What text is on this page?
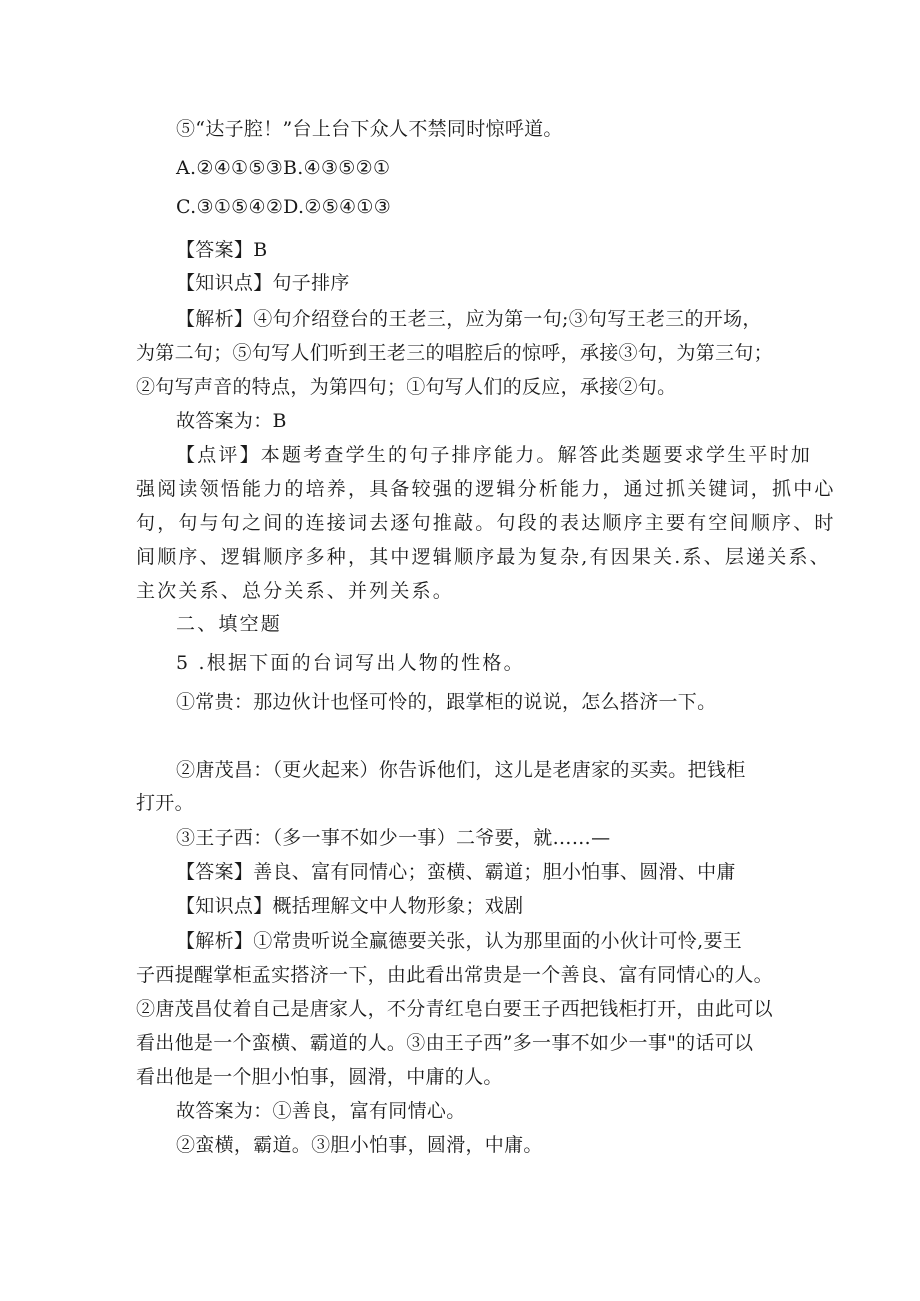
⑤“达子腔！”台上台下众人不禁同时惊呼道。
A.②④①⑤③B.④③⑤②①
C.③①⑤④②D.②⑤④①③
【答案】B
【知识点】句子排序
【解析】④句介绍登台的王老三，应为第一句;③句写王老三的开场，
为第二句；⑤句写人们听到王老三的唱腔后的惊呼，承接③句，为第三句；
②句写声音的特点，为第四句；①句写人们的反应，承接②句。
故答案为：B
【点评】本题考查学生的句子排序能力。解答此类题要求学生平时加
强阅读领悟能力的培养，具备较强的逻辑分析能力，通过抓关键词，抓中心
句，句与句之间的连接词去逐句推敲。句段的表达顺序主要有空间顺序、时
间顺序、逻辑顺序多种，其中逻辑顺序最为复杂,有因果关.系、层递关系、
主次关系、总分关系、并列关系。
二、填空题
5 .根据下面的台词写出人物的性格。
①常贵：那边伙计也怪可怜的，跟掌柜的说说，怎么搭济一下。
②唐茂昌：（更火起来）你告诉他们，这儿是老唐家的买卖。把钱柜
打开。
③王子西：（多一事不如少一事）二爷要，就……—
【答案】善良、富有同情心；蛮横、霸道；胆小怕事、圆滑、中庸
【知识点】概括理解文中人物形象；戏剧
【解析】①常贵听说全赢德要关张，认为那里面的小伙计可怜,要王
子西提醒掌柜孟实搭济一下，由此看出常贵是一个善良、富有同情心的人。
②唐茂昌仗着自己是唐家人，不分青红皂白要王子西把钱柜打开，由此可以
看出他是一个蛮横、霸道的人。③由王子西”多一事不如少一事"的话可以
看出他是一个胆小怕事，圆滑，中庸的人。
故答案为：①善良，富有同情心。
②蛮横，霸道。③胆小怕事，圆滑，中庸。
